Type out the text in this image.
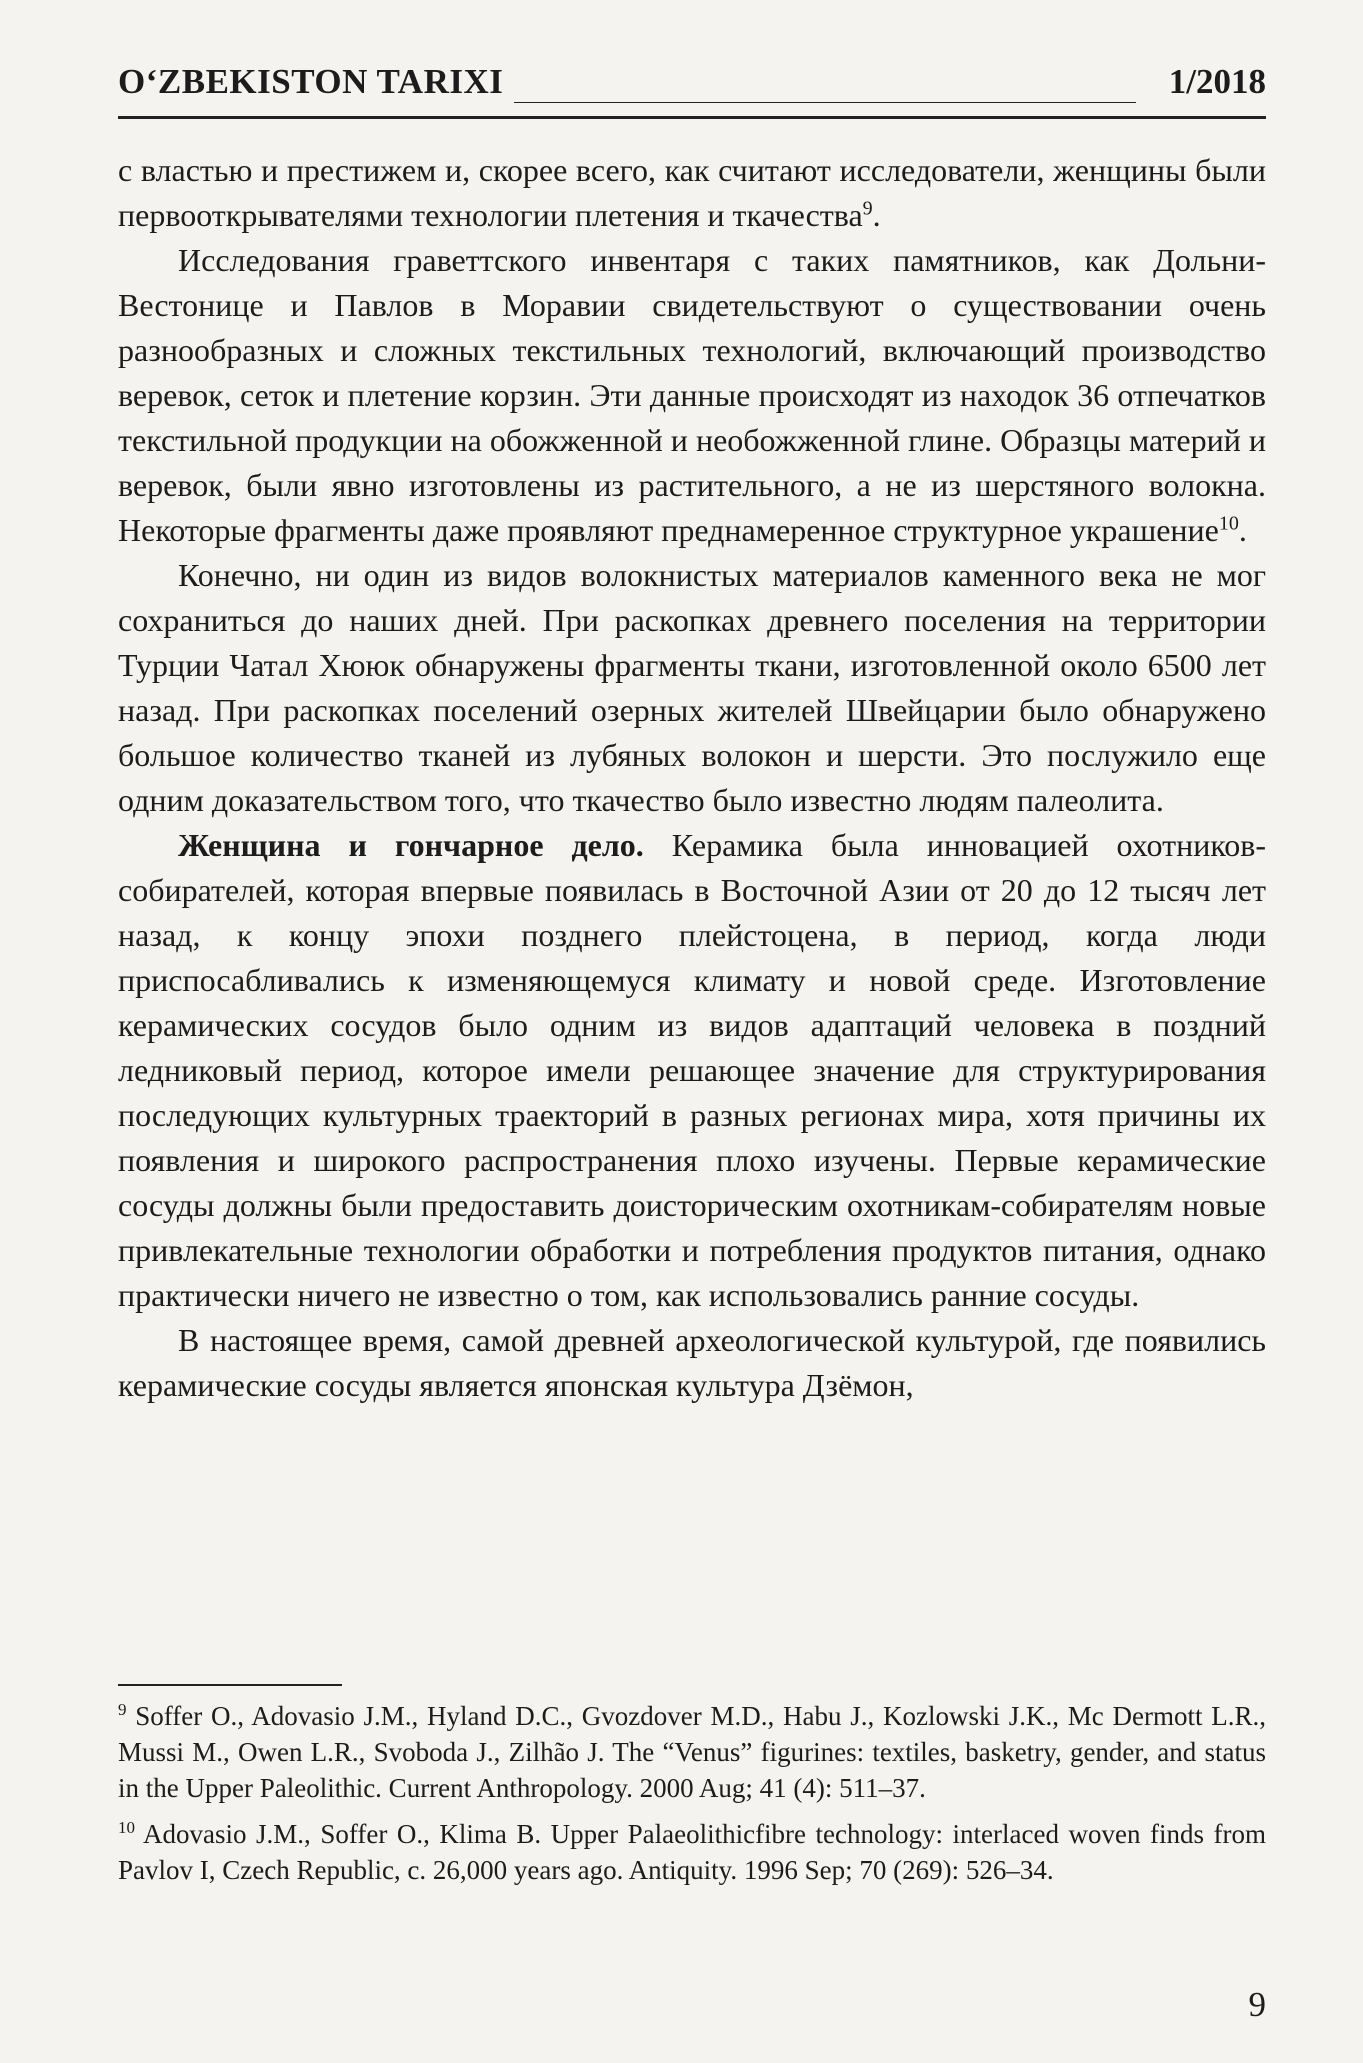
O‘ZBEKISTON TARIXI	1/2018

с властью и престижем и, скорее всего, как считают исследователи, женщины были первооткрывателями технологии плетения и ткачества$^9$.

Исследования граветтского инвентаря с таких памятников, как Дольни-Вестонице и Павлов в Моравии свидетельствуют о существовании очень разнообразных и сложных текстильных технологий, включающий производство веревок, сеток и плетение корзин. Эти данные происходят из находок 36 отпечатков текстильной продукции на обожженной и необожженной глине. Образцы материй и веревок, были явно изготовлены из растительного, а не из шерстяного волокна. Некоторые фрагменты даже проявляют преднамеренное структурное украшение$^{10}$.

Конечно, ни один из видов волокнистых материалов каменного века не мог сохраниться до наших дней. При раскопках древнего поселения на территории Турции Чатал Хююк обнаружены фрагменты ткани, изготовленной около 6500 лет назад. При раскопках поселений озерных жителей Швейцарии было обнаружено большое количество тканей из лубяных волокон и шерсти. Это послужило еще одним доказательством того, что ткачество было известно людям палеолита.

Женщина и гончарное дело. Керамика была инновацией охотников-собирателей, которая впервые появилась в Восточной Азии от 20 до 12 тысяч лет назад, к концу эпохи позднего плейстоцена, в период, когда люди приспосабливались к изменяющемуся климату и новой среде. Изготовление керамических сосудов было одним из видов адаптаций человека в поздний ледниковый период, которое имели решающее значение для структурирования последующих культурных траекторий в разных регионах мира, хотя причины их появления и широкого распространения плохо изучены. Первые керамические сосуды должны были предоставить доисторическим охотникам-собирателям новые привлекательные технологии обработки и потребления продуктов питания, однако практически ничего не известно о том, как использовались ранние сосуды.

В настоящее время, самой древней археологической культурой, где появились керамические сосуды является японская культура Дзёмон,

$^9$ Soffer O., Adovasio J.M., Hyland D.C., Gvozdover M.D., Habu J., Kozlowski J.K., Mc Dermott L.R., Mussi M., Owen L.R., Svoboda J., Zilhão J. The “Venus” figurines: textiles, basketry, gender, and status in the Upper Paleolithic. Current Anthropology. 2000 Aug; 41 (4): 511–37.

$^{10}$ Adovasio J.M., Soffer O., Klima B. Upper Palaeolithicfibre technology: interlaced woven finds from Pavlov I, Czech Republic, c. 26,000 years ago. Antiquity. 1996 Sep; 70 (269): 526–34.

9
